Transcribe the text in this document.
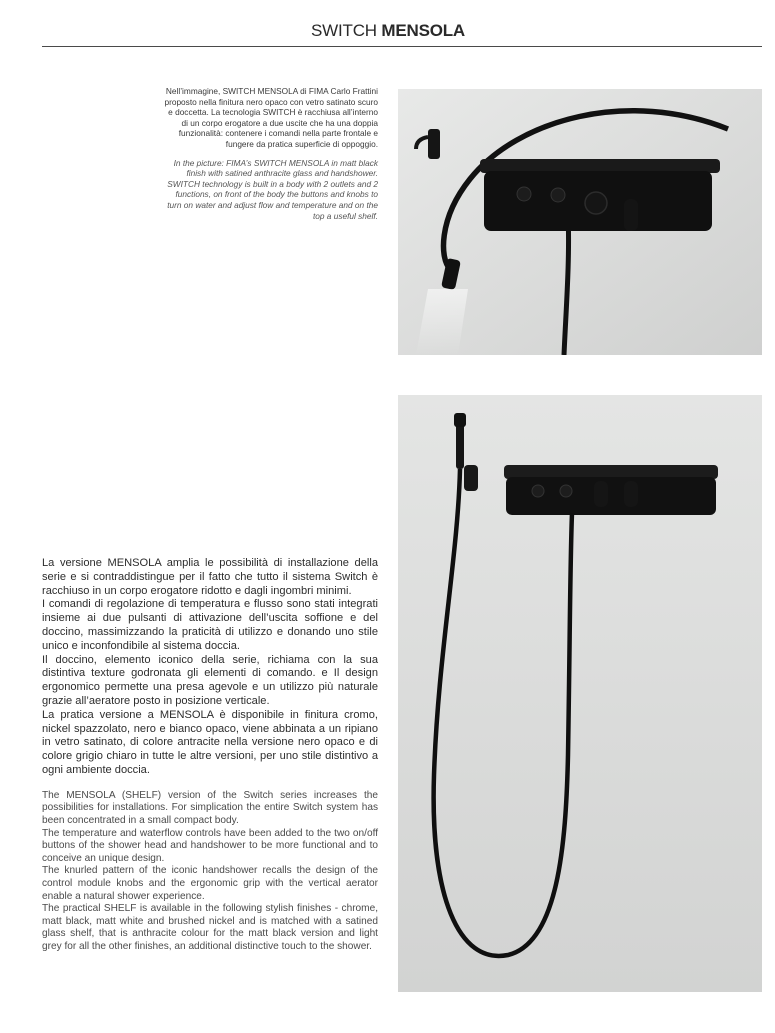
SWITCH MENSOLA

Nell’immagine, SWITCH MENSOLA di FIMA Carlo Frattini proposto nella finitura nero opaco con vetro satinato scuro e doccetta. La tecnologia SWITCH è racchiusa all’interno di un corpo erogatore a due uscite che ha una doppia funzionalità: contenere i comandi nella parte frontale e fungere da pratica superficie di oppoggio.

In the picture: FIMA’s SWITCH MENSOLA in matt black finish with satined anthracite glass and handshower. SWITCH technology is built in a body with 2 outlets and 2 functions, on front of the body the buttons and knobs to turn on water and adjust flow and temperature and on the top a useful shelf.

La versione MENSOLA amplia le possibilità di installazione della serie e si contraddistingue per il fatto che tutto il sistema Switch è racchiuso in un corpo erogatore ridotto e dagli ingombri minimi.

I comandi di regolazione di temperatura e flusso sono stati integrati insieme ai due pulsanti di attivazione dell’uscita soffione e del doccino, massimizzando la praticità di utilizzo e donando uno stile unico e inconfondibile al sistema doccia.

Il doccino, elemento iconico della serie, richiama con la sua distintiva texture godronata gli elementi di comando. e Il design ergonomico permette una presa agevole e un utilizzo più naturale grazie all’aeratore posto in posizione verticale.

La pratica versione a MENSOLA è disponibile in finitura cromo, nickel spazzolato, nero e bianco opaco, viene abbinata a un ripiano in vetro satinato, di colore antracite nella versione nero opaco e di colore grigio chiaro in tutte le altre versioni, per uno stile distintivo a ogni ambiente doccia.

The MENSOLA (SHELF) version of the Switch series increases the possibilities for installations. For simplication the entire Switch system has been concentrated in a small compact body.

The temperature and waterflow controls have been added to the two on/off buttons of the shower head and handshower to be more functional and to conceive an unique design.

The knurled pattern of the iconic handshower recalls the design of the control module knobs and the ergonomic grip with the vertical aerator enable a natural shower experience.

The practical SHELF is available in the following stylish finishes - chrome, matt black, matt white and brushed nickel and is matched with a satined glass shelf, that is anthracite colour for the matt black version and light grey for all the other finishes, an additional distinctive touch to the shower.
